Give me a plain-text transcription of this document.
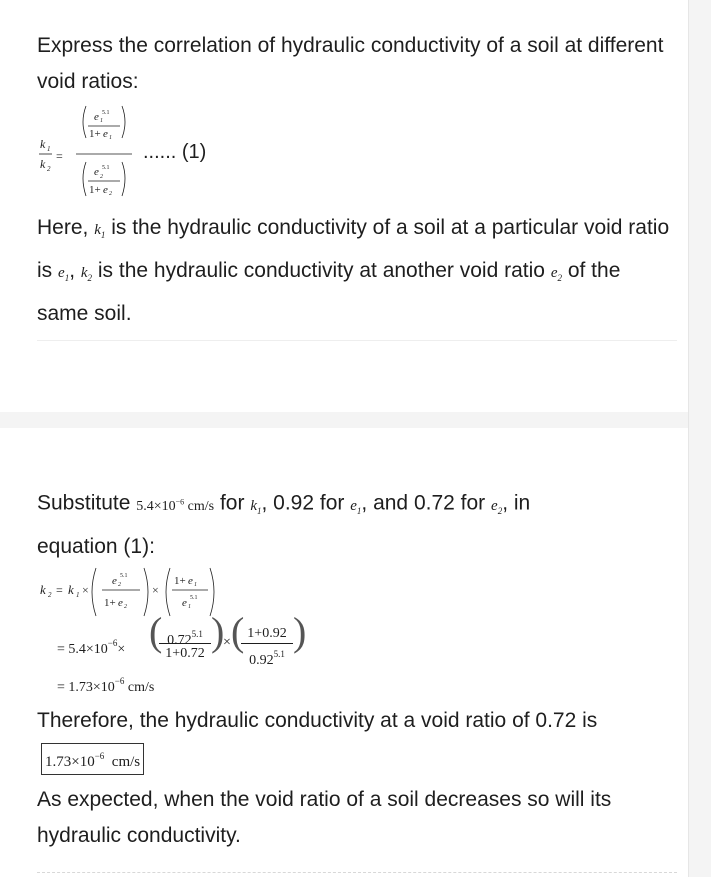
Express the correlation of hydraulic conductivity of a soil at different void ratios:

k 1
k 2
=
e 1
5.1
1+ e 1
e 2
5.1
1+ e 2
...... (1)

Here, $k_1$ is the hydraulic conductivity of a soil at a particular void ratio is $e_1$, $k_2$ is the hydraulic conductivity at another void ratio $e_2$ of the same soil.

Substitute $5.4\times 10^{-6}$ cm/s for $k_1$, 0.92 for $e_1$, and 0.72 for $e_2$, in
equation (1):

k 2 = k 1 ×
e 2
5.1
1+ e 2
×
1+ e 1
e 1
5.1
= $5.4\times 10^{-6}\times$ ( $0.72^{5.1}$
1+0.72 )
× ( 1+0.92
$0.92^{5.1}$ )
= $1.73\times 10^{-6}$ cm/s

Therefore, the hydraulic conductivity at a void ratio of 0.72 is

$1.73\times 10^{-6}$  cm/s

As expected, when the void ratio of a soil decreases so will its hydraulic conductivity.
